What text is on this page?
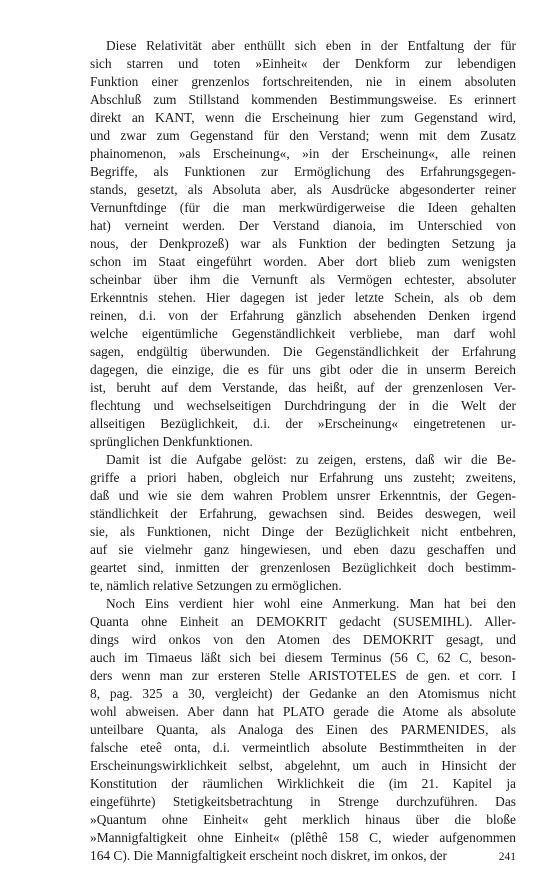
Diese Relativität aber enthüllt sich eben in der Entfaltung der für
sich starren und toten »Einheit« der Denkform zur lebendigen
Funktion einer grenzenlos fortschreitenden, nie in einem absoluten
Abschluß zum Stillstand kommenden Bestimmungsweise. Es erinnert
direkt an KANT, wenn die Erscheinung hier zum Gegenstand wird,
und zwar zum Gegenstand für den Verstand; wenn mit dem Zusatz
phainomenon, »als Erscheinung«, »in der Erscheinung«, alle reinen
Begriffe, als Funktionen zur Ermöglichung des Erfahrungsgegen-
stands, gesetzt, als Absoluta aber, als Ausdrücke abgesonderter reiner
Vernunftdinge (für die man merkwürdigerweise die Ideen gehalten
hat) verneint werden. Der Verstand dianoia, im Unterschied von
nous, der Denkprozeß) war als Funktion der bedingten Setzung ja
schon im Staat eingeführt worden. Aber dort blieb zum wenigsten
scheinbar über ihm die Vernunft als Vermögen echtester, absoluter
Erkenntnis stehen. Hier dagegen ist jeder letzte Schein, als ob dem
reinen, d.i. von der Erfahrung gänzlich absehenden Denken irgend
welche eigentümliche Gegenständlichkeit verbliebe, man darf wohl
sagen, endgültig überwunden. Die Gegenständlichkeit der Erfahrung
dagegen, die einzige, die es für uns gibt oder die in unserm Bereich
ist, beruht auf dem Verstande, das heißt, auf der grenzenlosen Ver-
flechtung und wechselseitigen Durchdringung der in die Welt der
allseitigen Bezüglichkeit, d.i. der »Erscheinung« eingetretenen ur-
sprünglichen Denkfunktionen.
Damit ist die Aufgabe gelöst: zu zeigen, erstens, daß wir die Be-
griffe a priori haben, obgleich nur Erfahrung uns zusteht; zweitens,
daß und wie sie dem wahren Problem unsrer Erkenntnis, der Gegen-
ständlichkeit der Erfahrung, gewachsen sind. Beides deswegen, weil
sie, als Funktionen, nicht Dinge der Bezüglichkeit nicht entbehren,
auf sie vielmehr ganz hingewiesen, und eben dazu geschaffen und
geartet sind, inmitten der grenzenlosen Bezüglichkeit doch bestimm-
te, nämlich relative Setzungen zu ermöglichen.
Noch Eins verdient hier wohl eine Anmerkung. Man hat bei den
Quanta ohne Einheit an DEMOKRIT gedacht (SUSEMIHL). Aller-
dings wird onkos von den Atomen des DEMOKRIT gesagt, und
auch im Timaeus läßt sich bei diesem Terminus (56 C, 62 C, beson-
ders wenn man zur ersteren Stelle ARISTOTELES de gen. et corr. I
8, pag. 325 a 30, vergleicht) der Gedanke an den Atomismus nicht
wohl abweisen. Aber dann hat PLATO gerade die Atome als absolute
unteilbare Quanta, als Analoga des Einen des PARMENIDES, als
falsche eteê onta, d.i. vermeintlich absolute Bestimmtheiten in der
Erscheinungswirklichkeit selbst, abgelehnt, um auch in Hinsicht der
Konstitution der räumlichen Wirklichkeit die (im 21. Kapitel ja
eingeführte) Stetigkeitsbetrachtung in Strenge durchzuführen. Das
»Quantum ohne Einheit« geht merklich hinaus über die bloße
»Mannigfaltigkeit ohne Einheit« (plêthê 158 C, wieder aufgenommen
164 C). Die Mannigfaltigkeit erscheint noch diskret, im onkos, der	241
